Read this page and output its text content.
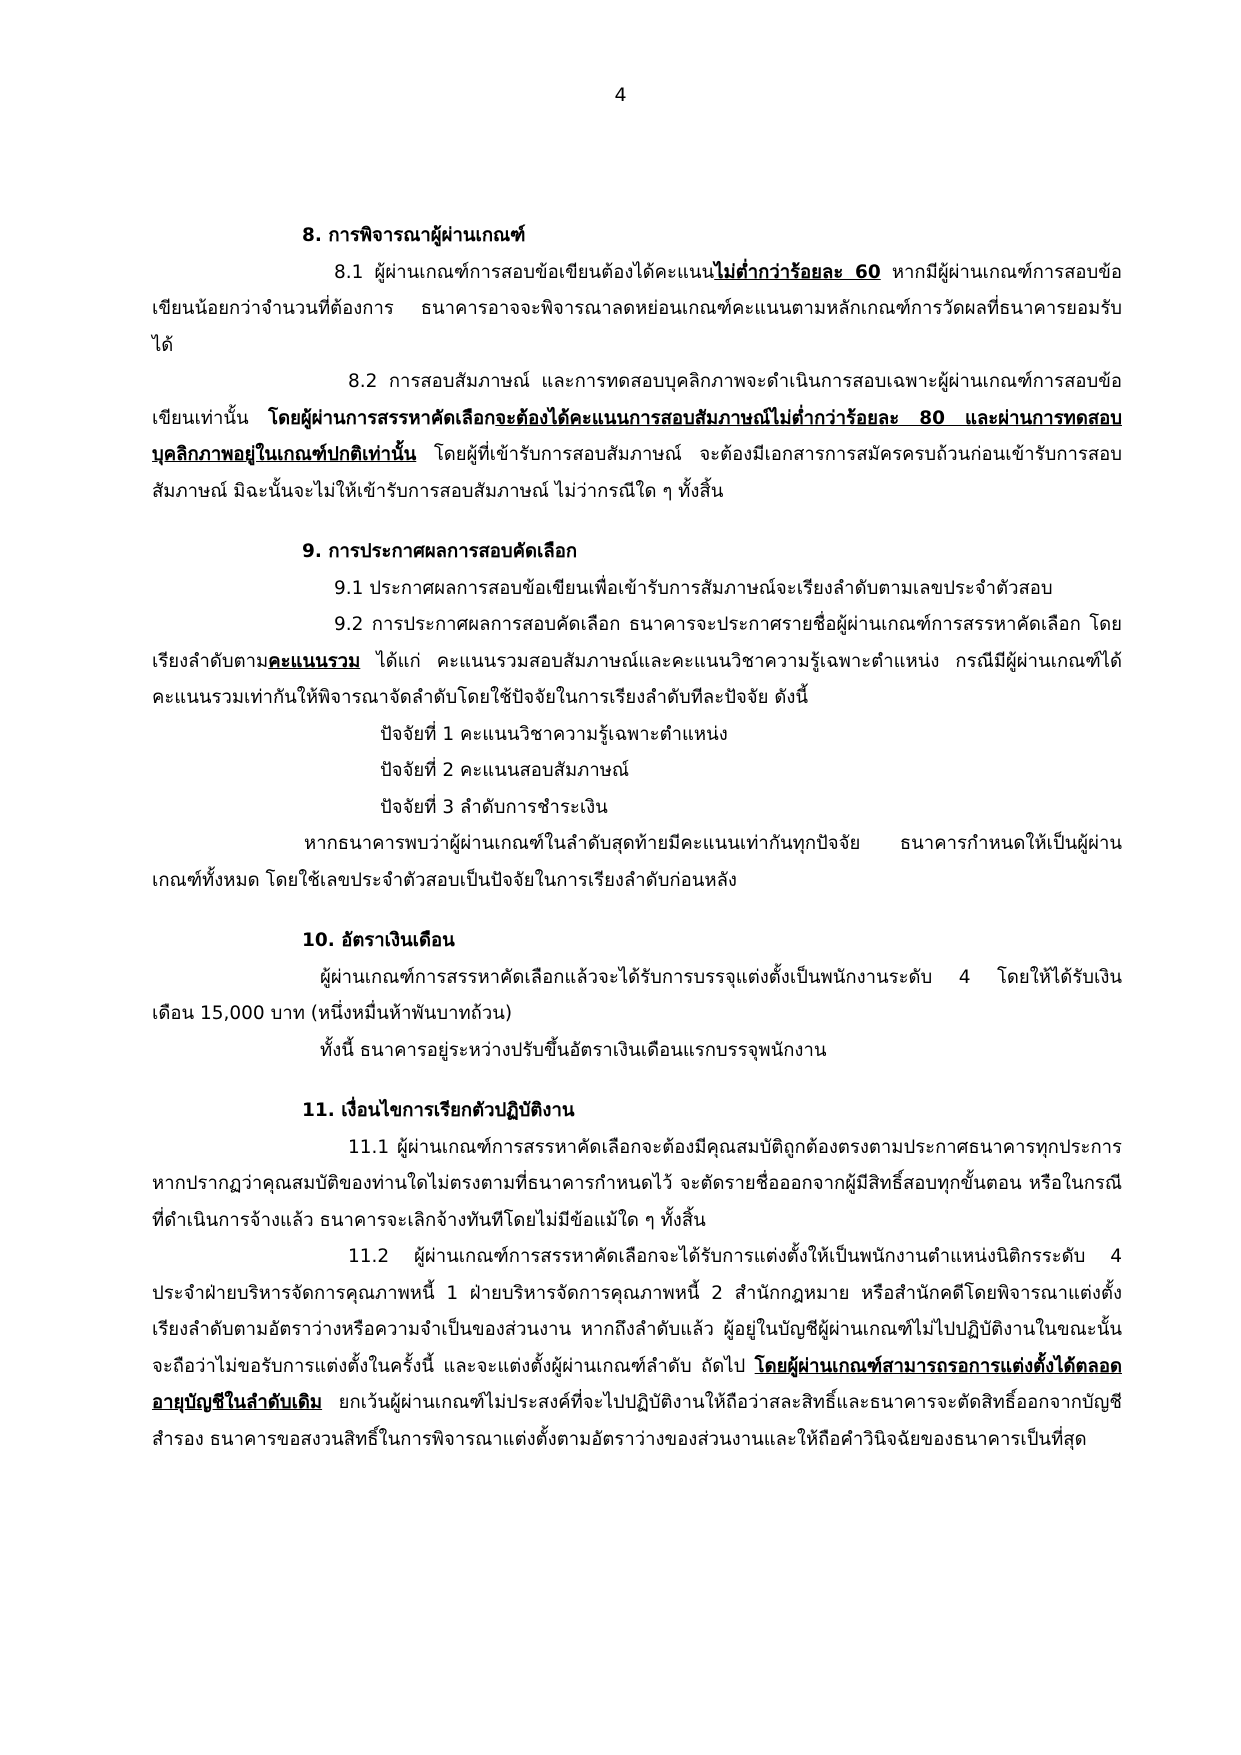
4

8. การพิจารณาผู้ผ่านเกณฑ์

8.1 ผู้ผ่านเกณฑ์การสอบข้อเขียนต้องได้คะแนนไม่ต่ำกว่าร้อยละ 60 หากมีผู้ผ่านเกณฑ์การสอบข้อเขียนน้อยกว่าจำนวนที่ต้องการ ธนาคารอาจจะพิจารณาลดหย่อนเกณฑ์คะแนนตามหลักเกณฑ์การวัดผลที่ธนาคารยอมรับได้

8.2 การสอบสัมภาษณ์ และการทดสอบบุคลิกภาพจะดำเนินการสอบเฉพาะผู้ผ่านเกณฑ์การสอบข้อเขียนเท่านั้น โดยผู้ผ่านการสรรหาคัดเลือกจะต้องได้คะแนนการสอบสัมภาษณ์ไม่ต่ำกว่าร้อยละ 80 และผ่านการทดสอบบุคลิกภาพอยู่ในเกณฑ์ปกติเท่านั้น โดยผู้ที่เข้ารับการสอบสัมภาษณ์ จะต้องมีเอกสารการสมัครครบถ้วนก่อนเข้ารับการสอบสัมภาษณ์ มิฉะนั้นจะไม่ให้เข้ารับการสอบสัมภาษณ์ ไม่ว่ากรณีใด ๆ ทั้งสิ้น

9. การประกาศผลการสอบคัดเลือก

9.1 ประกาศผลการสอบข้อเขียนเพื่อเข้ารับการสัมภาษณ์จะเรียงลำดับตามเลขประจำตัวสอบ

9.2 การประกาศผลการสอบคัดเลือก ธนาคารจะประกาศรายชื่อผู้ผ่านเกณฑ์การสรรหาคัดเลือก โดยเรียงลำดับตามคะแนนรวม ได้แก่ คะแนนรวมสอบสัมภาษณ์และคะแนนวิชาความรู้เฉพาะตำแหน่ง กรณีมีผู้ผ่านเกณฑ์ได้คะแนนรวมเท่ากันให้พิจารณาจัดลำดับโดยใช้ปัจจัยในการเรียงลำดับทีละปัจจัย ดังนี้

ปัจจัยที่ 1 คะแนนวิชาความรู้เฉพาะตำแหน่ง

ปัจจัยที่ 2 คะแนนสอบสัมภาษณ์

ปัจจัยที่ 3 ลำดับการชำระเงิน

หากธนาคารพบว่าผู้ผ่านเกณฑ์ในลำดับสุดท้ายมีคะแนนเท่ากันทุกปัจจัย ธนาคารกำหนดให้เป็นผู้ผ่านเกณฑ์ทั้งหมด โดยใช้เลขประจำตัวสอบเป็นปัจจัยในการเรียงลำดับก่อนหลัง

10. อัตราเงินเดือน

ผู้ผ่านเกณฑ์การสรรหาคัดเลือกแล้วจะได้รับการบรรจุแต่งตั้งเป็นพนักงานระดับ 4 โดยให้ได้รับเงินเดือน 15,000 บาท (หนึ่งหมื่นห้าพันบาทถ้วน)

ทั้งนี้ ธนาคารอยู่ระหว่างปรับขึ้นอัตราเงินเดือนแรกบรรจุพนักงาน

11. เงื่อนไขการเรียกตัวปฏิบัติงาน

11.1 ผู้ผ่านเกณฑ์การสรรหาคัดเลือกจะต้องมีคุณสมบัติถูกต้องตรงตามประกาศธนาคารทุกประการ หากปรากฏว่าคุณสมบัติของท่านใดไม่ตรงตามที่ธนาคารกำหนดไว้ จะตัดรายชื่อออกจากผู้มีสิทธิ์สอบทุกขั้นตอน หรือในกรณีที่ดำเนินการจ้างแล้ว ธนาคารจะเลิกจ้างทันทีโดยไม่มีข้อแม้ใด ๆ ทั้งสิ้น

11.2 ผู้ผ่านเกณฑ์การสรรหาคัดเลือกจะได้รับการแต่งตั้งให้เป็นพนักงานตำแหน่งนิติกรระดับ 4 ประจำฝ่ายบริหารจัดการคุณภาพหนี้ 1 ฝ่ายบริหารจัดการคุณภาพหนี้ 2 สำนักกฎหมาย หรือสำนักคดีโดยพิจารณาแต่งตั้งเรียงลำดับตามอัตราว่างหรือความจำเป็นของส่วนงาน หากถึงลำดับแล้ว ผู้อยู่ในบัญชีผู้ผ่านเกณฑ์ไม่ไปปฏิบัติงานในขณะนั้น จะถือว่าไม่ขอรับการแต่งตั้งในครั้งนี้ และจะแต่งตั้งผู้ผ่านเกณฑ์ลำดับ ถัดไป โดยผู้ผ่านเกณฑ์สามารถรอการแต่งตั้งได้ตลอดอายุบัญชีในลำดับเดิม ยกเว้นผู้ผ่านเกณฑ์ไม่ประสงค์ที่จะไปปฏิบัติงานให้ถือว่าสละสิทธิ์และธนาคารจะตัดสิทธิ์ออกจากบัญชีสำรอง ธนาคารขอสงวนสิทธิ์ในการพิจารณาแต่งตั้งตามอัตราว่างของส่วนงานและให้ถือคำวินิจฉัยของธนาคารเป็นที่สุด
